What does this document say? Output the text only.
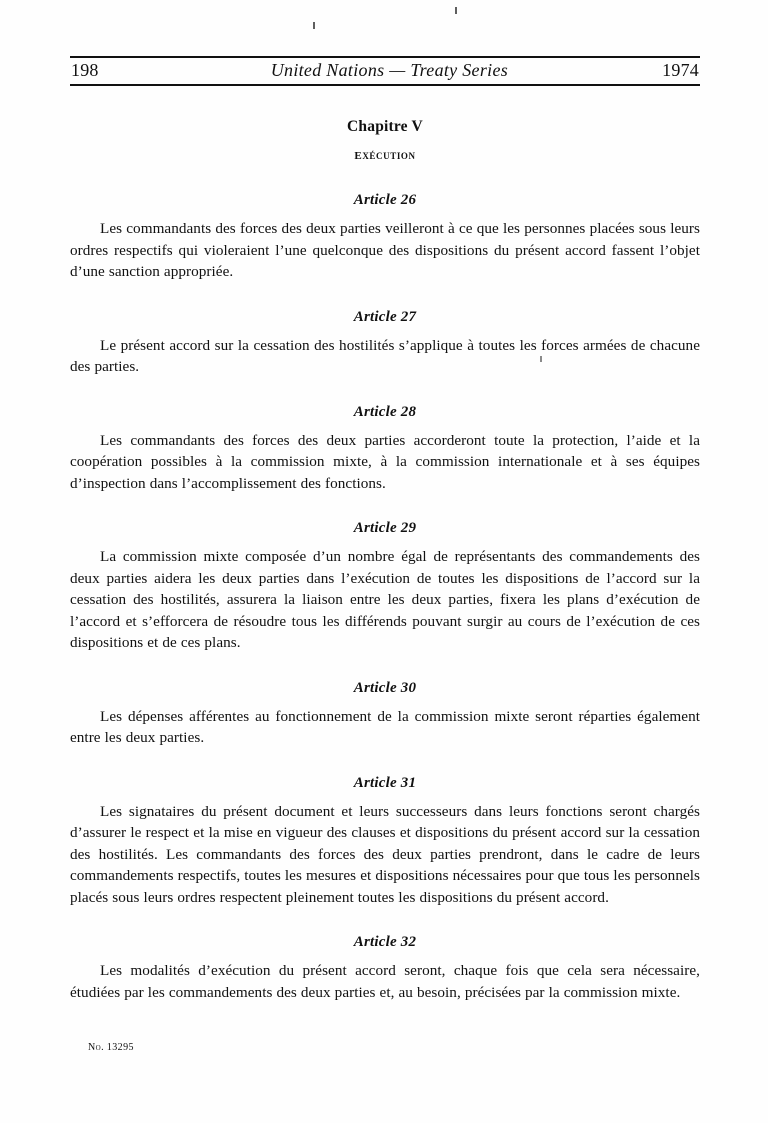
198	United Nations — Treaty Series	1974
Chapitre V
exécution
Article 26

Les commandants des forces des deux parties veilleront à ce que les personnes placées sous leurs ordres respectifs qui violeraient l’une quelconque des dispositions du présent accord fassent l’objet d’une sanction appropriée.

Article 27

Le présent accord sur la cessation des hostilités s’applique à toutes les forces armées de chacune des parties.

Article 28

Les commandants des forces des deux parties accorderont toute la protection, l’aide et la coopération possibles à la commission mixte, à la commission internationale et à ses équipes d’inspection dans l’accomplissement des fonctions.

Article 29

La commission mixte composée d’un nombre égal de représentants des commandements des deux parties aidera les deux parties dans l’exécution de toutes les dispositions de l’accord sur la cessation des hostilités, assurera la liaison entre les deux parties, fixera les plans d’exécution de l’accord et s’efforcera de résoudre tous les différends pouvant surgir au cours de l’exécution de ces dispositions et de ces plans.

Article 30

Les dépenses afférentes au fonctionnement de la commission mixte seront réparties également entre les deux parties.

Article 31

Les signataires du présent document et leurs successeurs dans leurs fonctions seront chargés d’assurer le respect et la mise en vigueur des clauses et dispositions du présent accord sur la cessation des hostilités. Les commandants des forces des deux parties prendront, dans le cadre de leurs commandements respectifs, toutes les mesures et dispositions nécessaires pour que tous les personnels placés sous leurs ordres respectent pleinement toutes les dispositions du présent accord.

Article 32

Les modalités d’exécution du présent accord seront, chaque fois que cela sera nécessaire, étudiées par les commandements des deux parties et, au besoin, précisées par la commission mixte.

No. 13295
